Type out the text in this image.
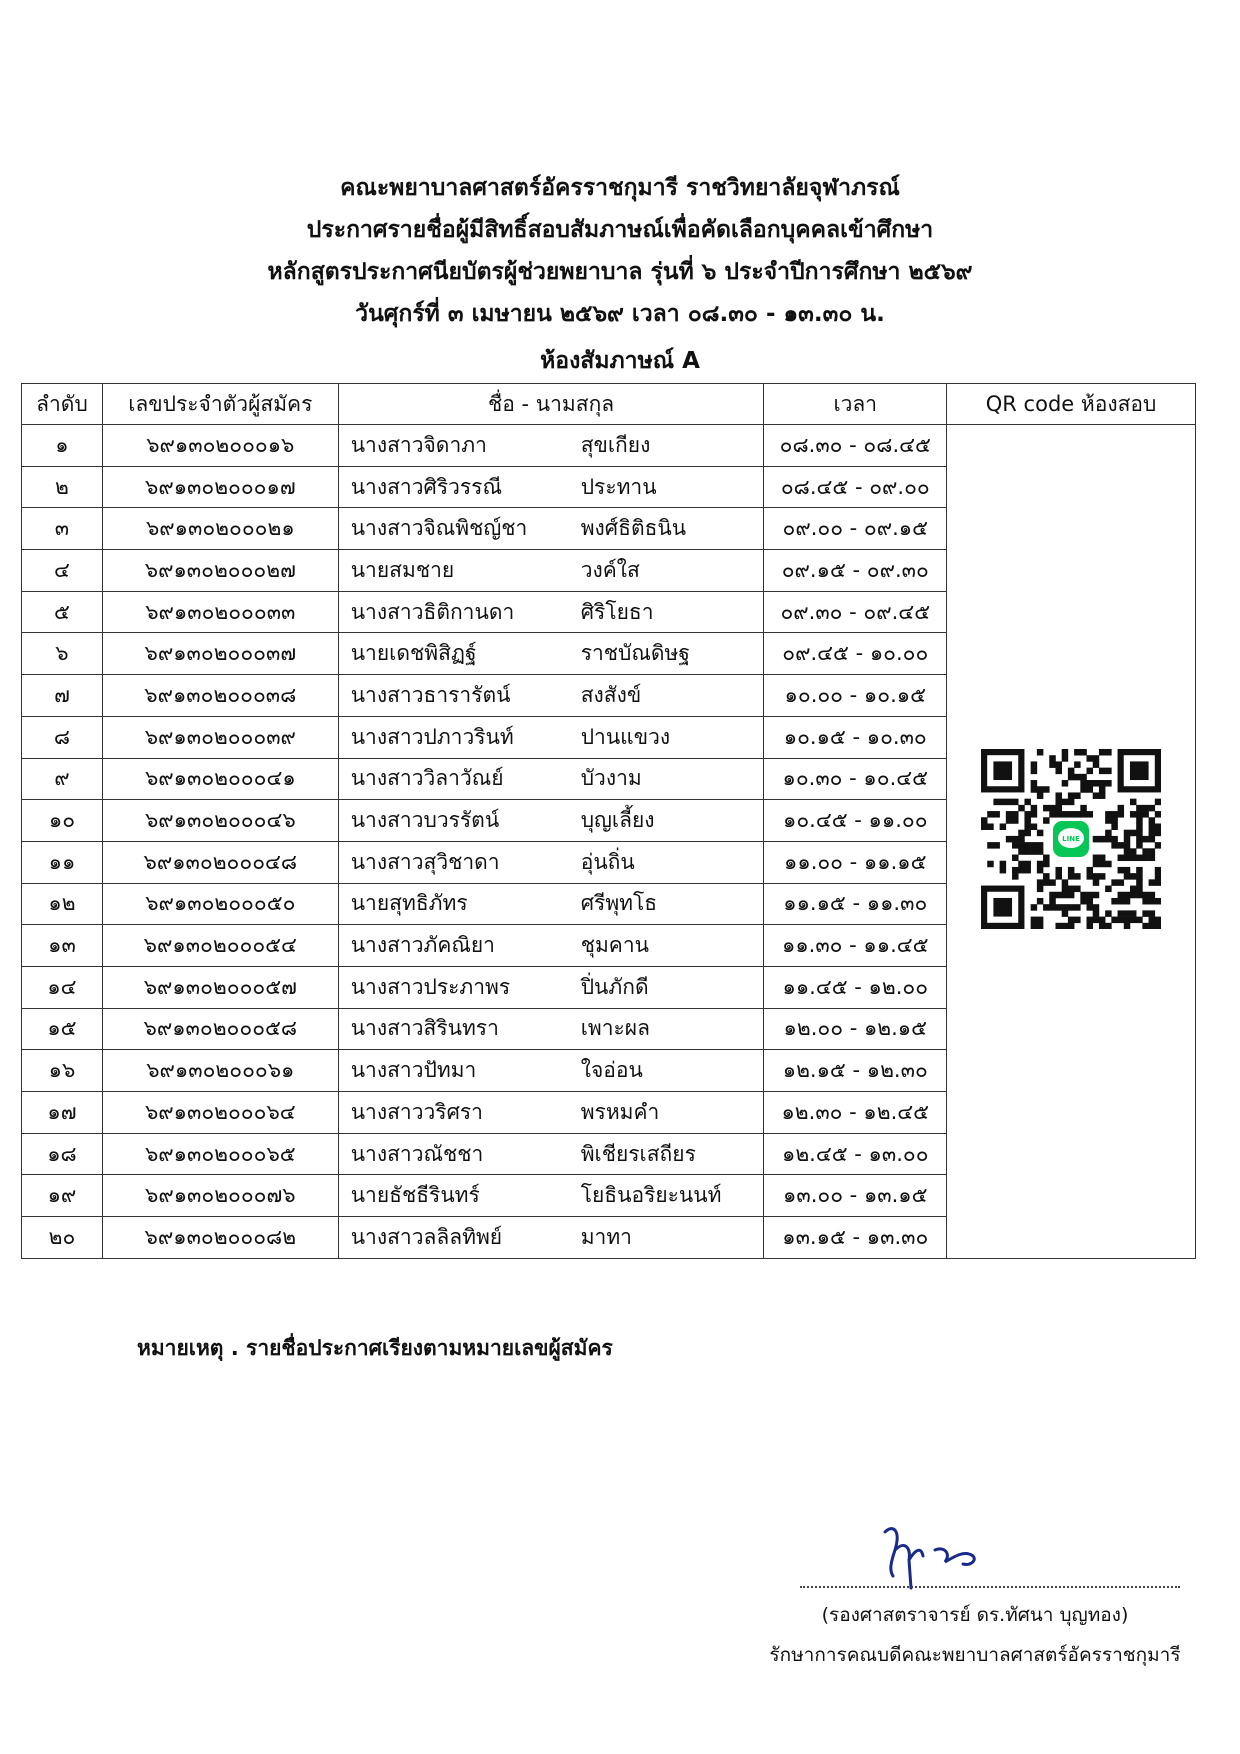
คณะพยาบาลศาสตร์อัครราชกุมารี ราชวิทยาลัยจุฬาภรณ์
ประกาศรายชื่อผู้มีสิทธิ์สอบสัมภาษณ์เพื่อคัดเลือกบุคคลเข้าศึกษา
หลักสูตรประกาศนียบัตรผู้ช่วยพยาบาล รุ่นที่ ๖ ประจำปีการศึกษา ๒๕๖๙
วันศุกร์ที่ ๓ เมษายน ๒๕๖๙ เวลา ๐๘.๓๐ - ๑๓.๓๐ น.
ห้องสัมภาษณ์ A
ลำดับ	เลขประจำตัวผู้สมัคร	ชื่อ - นามสกุล	เวลา	QR code ห้องสอบ
๑	๖๙๑๓๐๒๐๐๐๑๖	นางสาวจิดาภา สุขเกียง	๐๘.๓๐ - ๐๘.๔๕	LINE

๒	๖๙๑๓๐๒๐๐๐๑๗	นางสาวศิริวรรณี ประทาน	๐๘.๔๕ - ๐๙.๐๐	
๓	๖๙๑๓๐๒๐๐๐๒๑	นางสาวจิณพิชญ์ชา พงศ์ธิติธนิน	๐๙.๐๐ - ๐๙.๑๕	
๔	๖๙๑๓๐๒๐๐๐๒๗	นายสมชาย วงค์ใส	๐๙.๑๕ - ๐๙.๓๐	
๕	๖๙๑๓๐๒๐๐๐๓๓	นางสาวธิติกานดา ศิริโยธา	๐๙.๓๐ - ๐๙.๔๕	
๖	๖๙๑๓๐๒๐๐๐๓๗	นายเดชพิสิฏฐ์ ราชบัณดิษฐ	๐๙.๔๕ - ๑๐.๐๐	
๗	๖๙๑๓๐๒๐๐๐๓๘	นางสาวธารารัตน์ สงสังข์	๑๐.๐๐ - ๑๐.๑๕	
๘	๖๙๑๓๐๒๐๐๐๓๙	นางสาวปภาวรินท์ ปานแขวง	๑๐.๑๕ - ๑๐.๓๐	
๙	๖๙๑๓๐๒๐๐๐๔๑	นางสาววิลาวัณย์ บัวงาม	๑๐.๓๐ - ๑๐.๔๕	
๑๐	๖๙๑๓๐๒๐๐๐๔๖	นางสาวบวรรัตน์ บุญเลี้ยง	๑๐.๔๕ - ๑๑.๐๐	
๑๑	๖๙๑๓๐๒๐๐๐๔๘	นางสาวสุวิชาดา อุ่นถิ่น	๑๑.๐๐ - ๑๑.๑๕	
๑๒	๖๙๑๓๐๒๐๐๐๕๐	นายสุทธิภัทร ศรีพุทโธ	๑๑.๑๕ - ๑๑.๓๐	
๑๓	๖๙๑๓๐๒๐๐๐๕๔	นางสาวภัคณิยา ชุมคาน	๑๑.๓๐ - ๑๑.๔๕	
๑๔	๖๙๑๓๐๒๐๐๐๕๗	นางสาวประภาพร ปิ่นภักดี	๑๑.๔๕ - ๑๒.๐๐	
๑๕	๖๙๑๓๐๒๐๐๐๕๘	นางสาวสิรินทรา เพาะผล	๑๒.๐๐ - ๑๒.๑๕	
๑๖	๖๙๑๓๐๒๐๐๐๖๑	นางสาวปัทมา ใจอ่อน	๑๒.๑๕ - ๑๒.๓๐	
๑๗	๖๙๑๓๐๒๐๐๐๖๔	นางสาววริศรา พรหมคำ	๑๒.๓๐ - ๑๒.๔๕	
๑๘	๖๙๑๓๐๒๐๐๐๖๕	นางสาวณัชชา พิเชียรเสถียร	๑๒.๔๕ - ๑๓.๐๐	
๑๙	๖๙๑๓๐๒๐๐๐๗๖	นายธัชธีรินทร์ โยธินอริยะนนท์	๑๓.๐๐ - ๑๓.๑๕	
๒๐	๖๙๑๓๐๒๐๐๐๘๒	นางสาวลลิลทิพย์ มาทา	๑๓.๑๕ - ๑๓.๓๐	
หมายเหตุ . รายชื่อประกาศเรียงตามหมายเลขผู้สมัคร
(รองศาสตราจารย์ ดร.ทัศนา บุญทอง)
รักษาการคณบดีคณะพยาบาลศาสตร์อัครราชกุมารี
